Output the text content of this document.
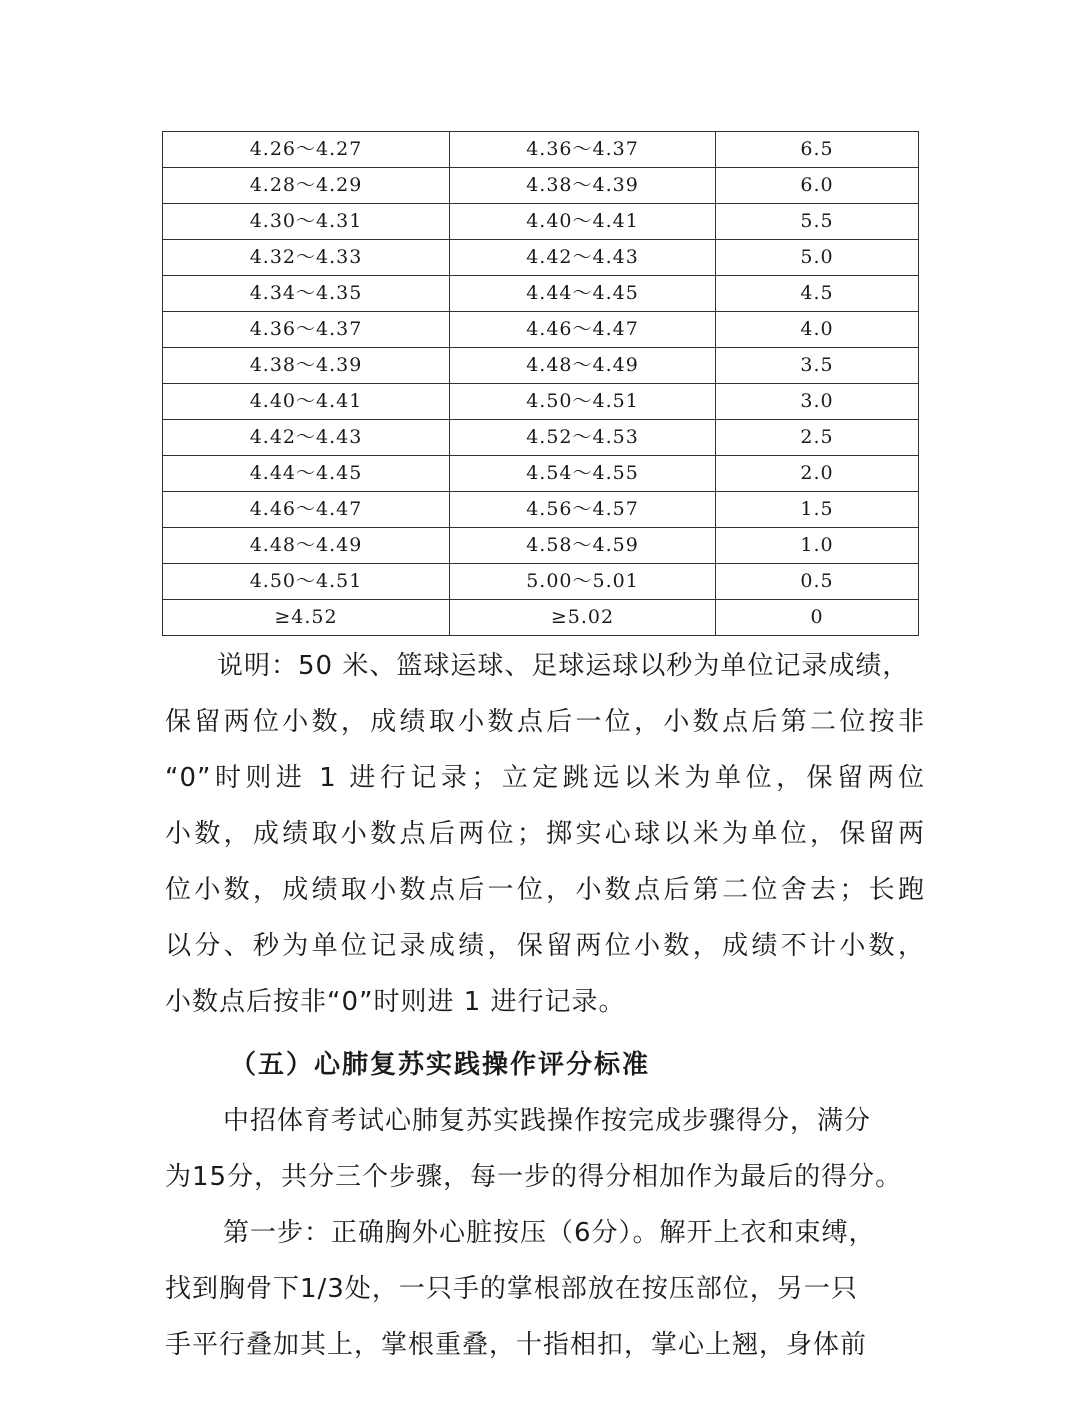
4.26～4.27	4.36～4.37	6.5
4.28～4.29	4.38～4.39	6.0
4.30～4.31	4.40～4.41	5.5
4.32～4.33	4.42～4.43	5.0
4.34～4.35	4.44～4.45	4.5
4.36～4.37	4.46～4.47	4.0
4.38～4.39	4.48～4.49	3.5
4.40～4.41	4.50～4.51	3.0
4.42～4.43	4.52～4.53	2.5
4.44～4.45	4.54～4.55	2.0
4.46～4.47	4.56～4.57	1.5
4.48～4.49	4.58～4.59	1.0
4.50～4.51	5.00～5.01	0.5
≥4.52	≥5.02	0
说明：50 米、篮球运球、足球运球以秒为单位记录成绩，
保留两位小数，成绩取小数点后一位，小数点后第二位按非
“0”时则进 1 进行记录；立定跳远以米为单位，保留两位
小数，成绩取小数点后两位；掷实心球以米为单位，保留两
位小数，成绩取小数点后一位，小数点后第二位舍去；长跑
以分、秒为单位记录成绩，保留两位小数，成绩不计小数，
小数点后按非“0”时则进 1 进行记录。
（五）心肺复苏实践操作评分标准
中招体育考试心肺复苏实践操作按完成步骤得分，满分
为15分，共分三个步骤，每一步的得分相加作为最后的得分。
第一步：正确胸外心脏按压（6分）。解开上衣和束缚，
找到胸骨下1/3处，一只手的掌根部放在按压部位，另一只
手平行叠加其上，掌根重叠，十指相扣，掌心上翘，身体前
